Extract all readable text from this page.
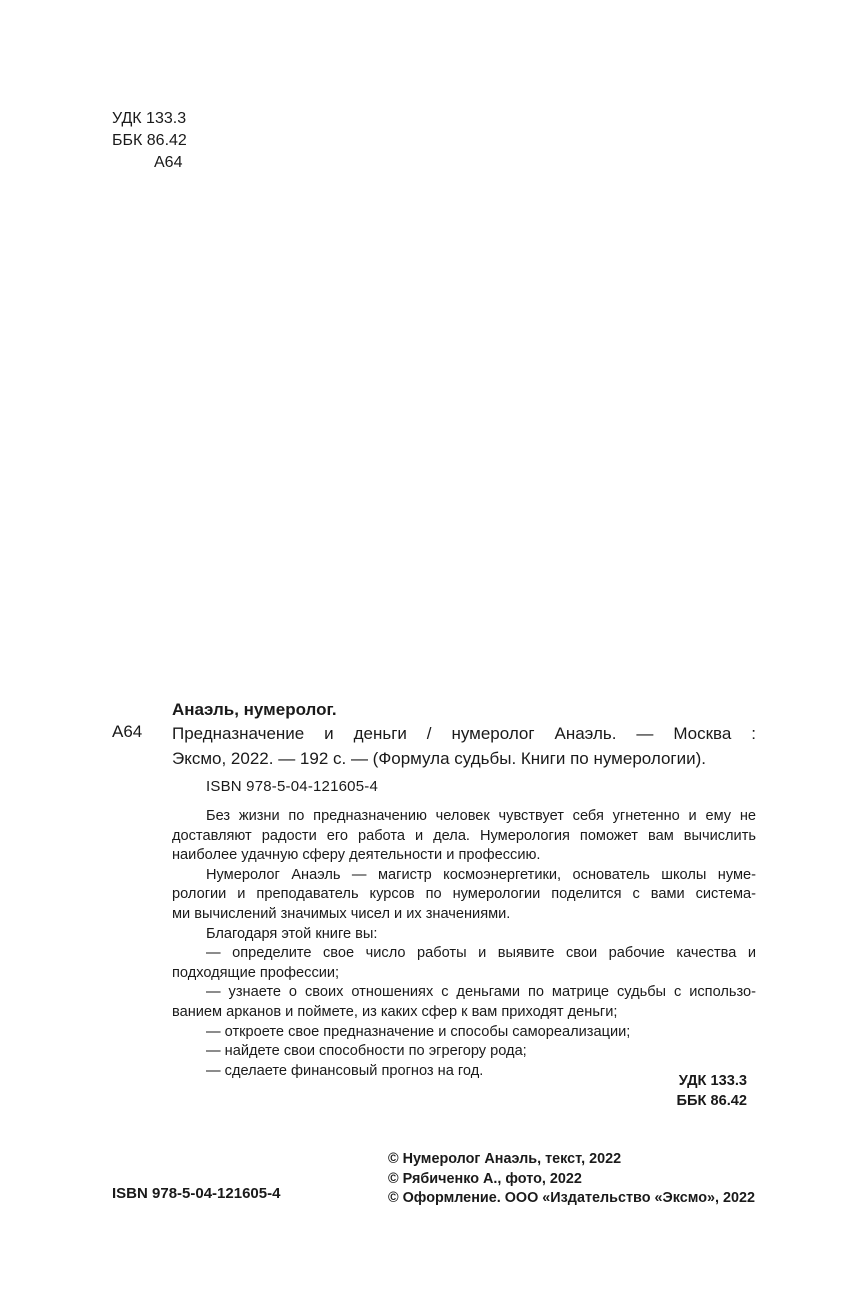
УДК 133.3
ББК 86.42
А64
Анаэль, нумеролог.
А64 Предназначение и деньги / нумеролог Анаэль. — Москва :
Эксмо, 2022. — 192 с. — (Формула судьбы. Книги по нумерологии).
ISBN 978-5-04-121605-4
Без жизни по предназначению человек чувствует себя угнетенно и ему не
доставляют радости его работа и дела. Нумерология поможет вам вычислить
наиболее удачную сферу деятельности и профессию.
Нумеролог Анаэль — магистр космоэнергетики, основатель школы нуме-
рологии и преподаватель курсов по нумерологии поделится с вами система-
ми вычислений значимых чисел и их значениями.
Благодаря этой книге вы:
— определите свое число работы и выявите свои рабочие качества и
подходящие профессии;
— узнаете о своих отношениях с деньгами по матрице судьбы с использо-
ванием арканов и поймете, из каких сфер к вам приходят деньги;
— откроете свое предназначение и способы самореализации;
— найдете свои способности по эгрегору рода;
— сделаете финансовый прогноз на год.
УДК 133.3
ББК 86.42
ISBN 978-5-04-121605-4
© Нумеролог Анаэль, текст, 2022
© Рябиченко А., фото, 2022
© Оформление. ООО «Издательство «Эксмо», 2022
